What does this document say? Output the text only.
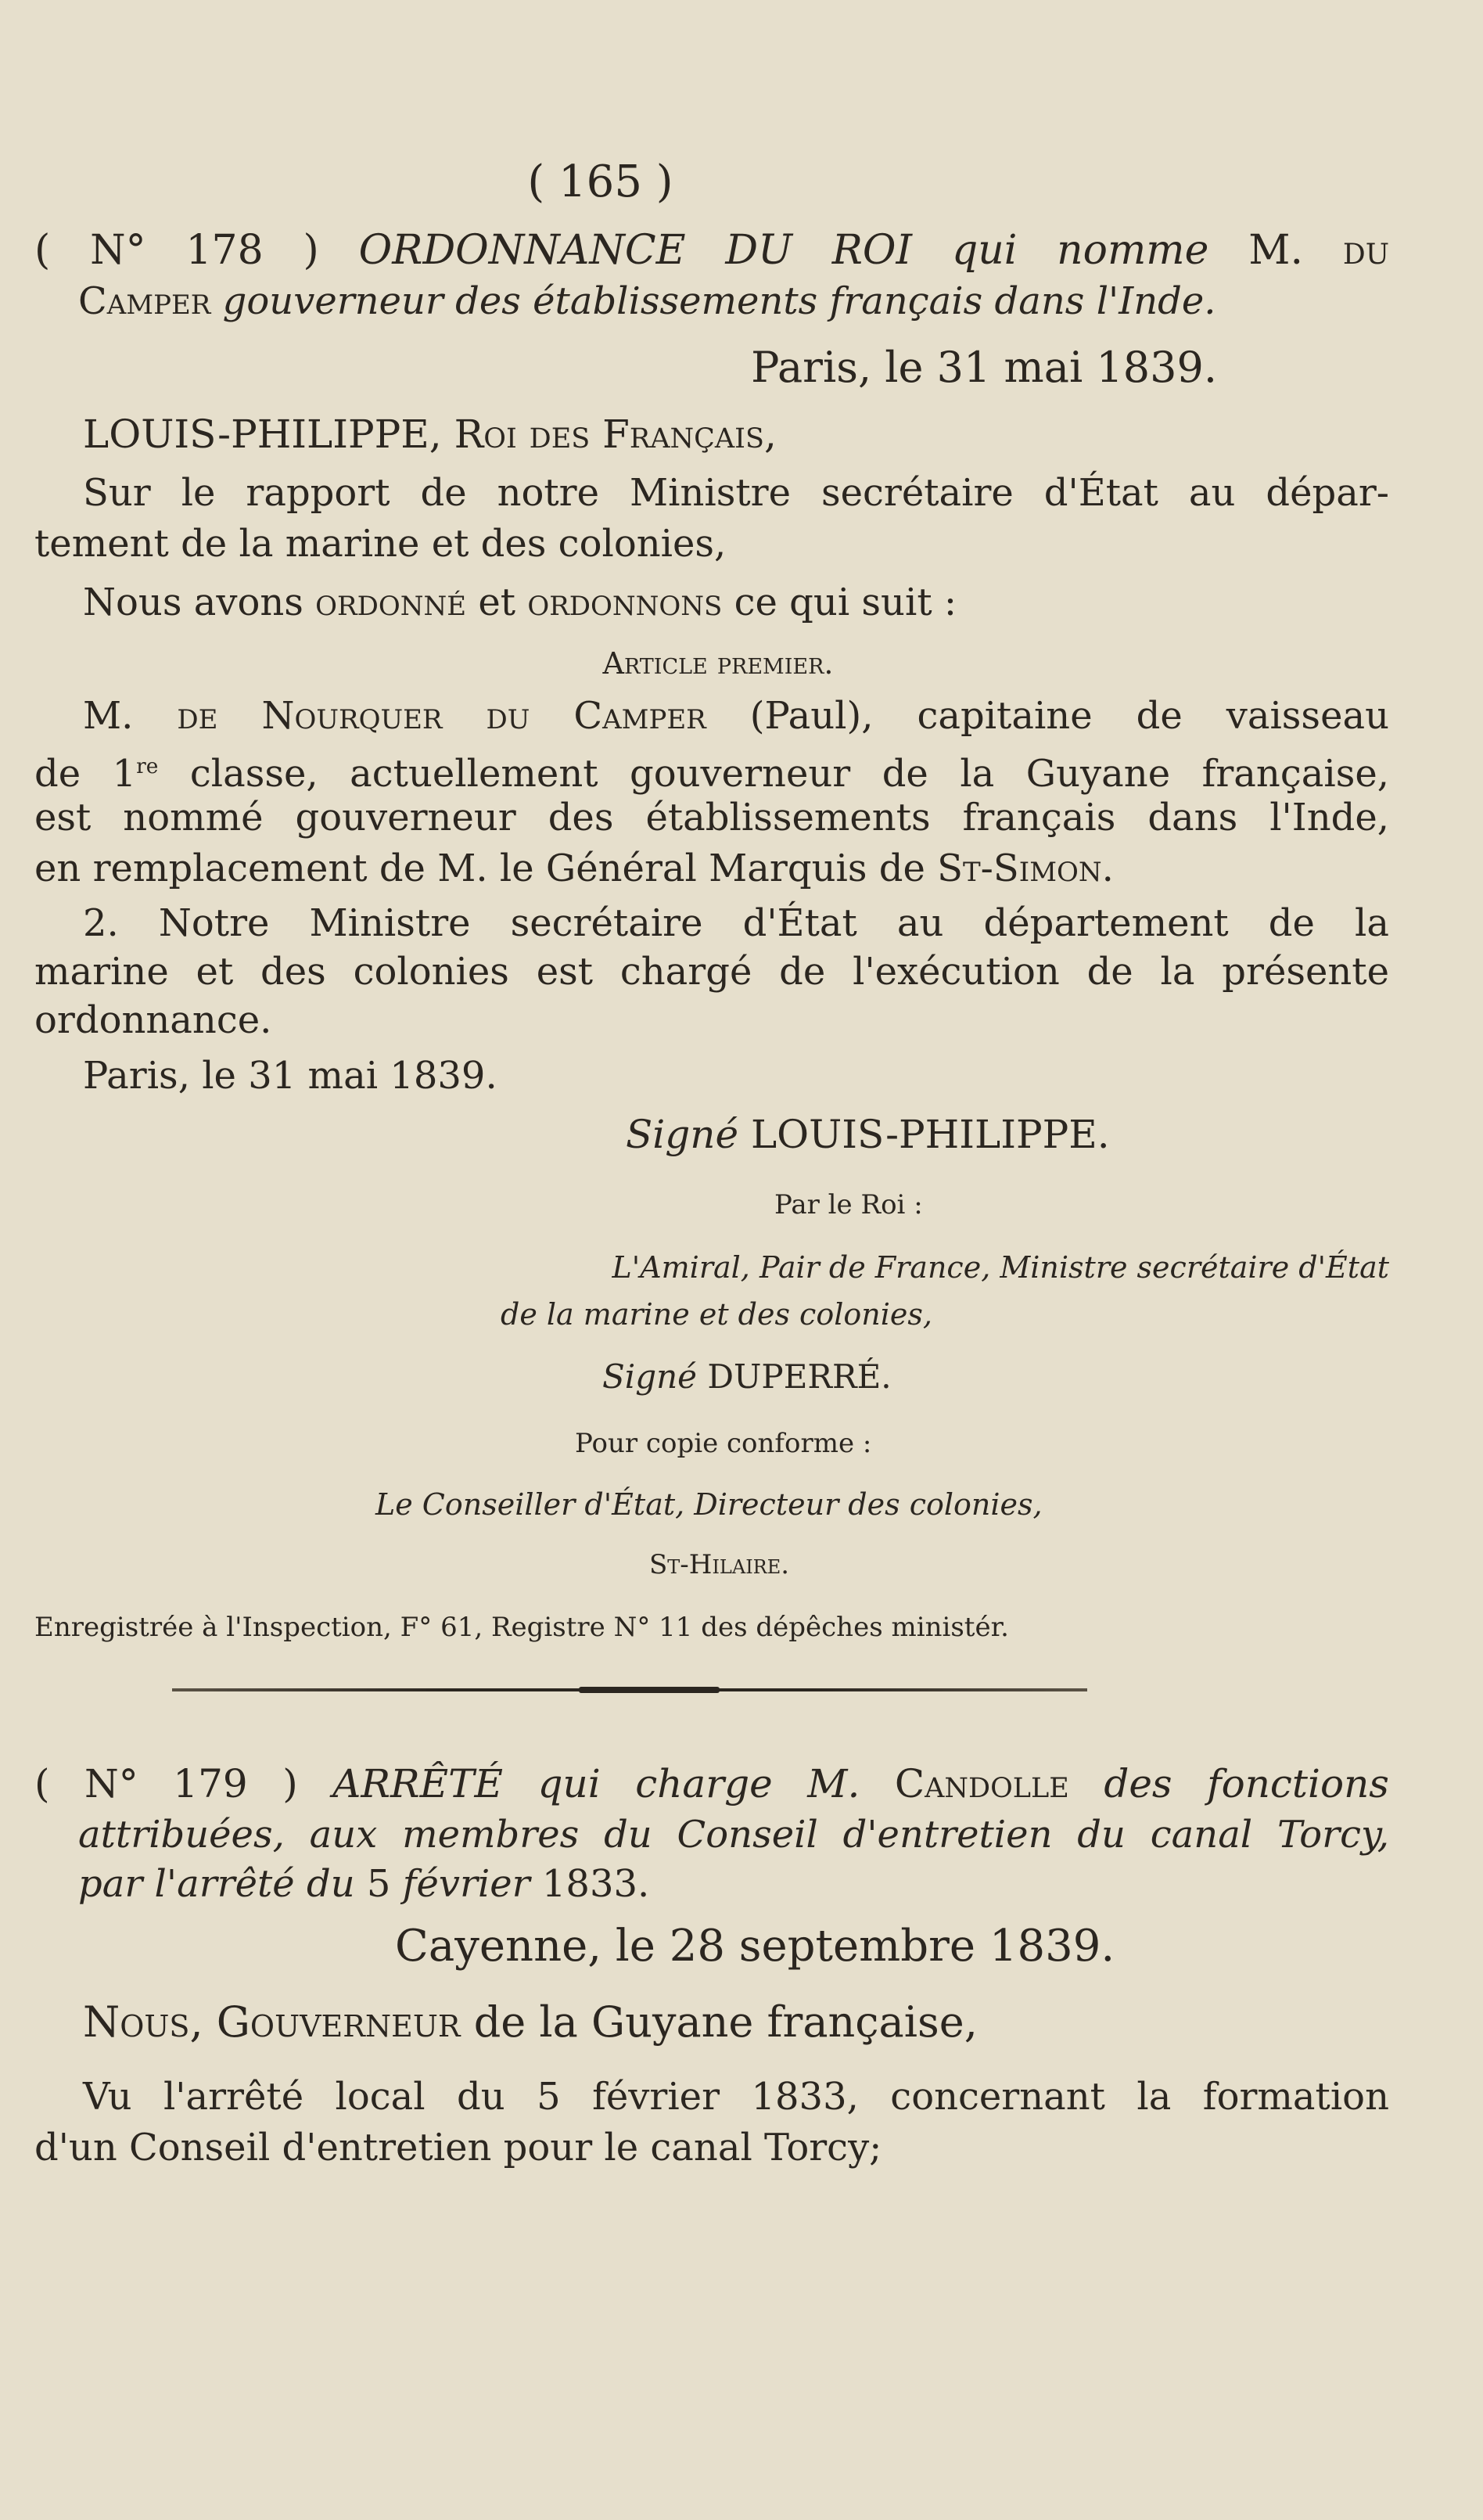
( 165 )
( N° 178 ) ORDONNANCE DU ROI qui nomme M. du
Camper gouverneur des établissements français dans l'Inde.
Paris, le 31 mai 1839.
LOUIS-PHILIPPE, Roi des Français,
Sur le rapport de notre Ministre secrétaire d'État au dépar-
tement de la marine et des colonies,
Nous avons ordonné et ordonnons ce qui suit :
Article premier.
M. de Nourquer du Camper (Paul), capitaine de vaisseau
de 1re classe, actuellement gouverneur de la Guyane française,
est nommé gouverneur des établissements français dans l'Inde,
en remplacement de M. le Général Marquis de St-Simon.
2. Notre Ministre secrétaire d'État au département de la
marine et des colonies est chargé de l'exécution de la présente
ordonnance.
Paris, le 31 mai 1839.
Signé LOUIS-PHILIPPE.
Par le Roi :
L'Amiral, Pair de France, Ministre secrétaire d'État
de la marine et des colonies,
Signé DUPERRÉ.
Pour copie conforme :
Le Conseiller d'État, Directeur des colonies,
St-Hilaire.
Enregistrée à l'Inspection, F° 61, Registre N° 11 des dépêches ministér.
( N° 179 ) ARRÊTÉ qui charge M. Candolle des fonctions
attribuées, aux membres du Conseil d'entretien du canal Torcy,
par l'arrêté du 5 février 1833.
Cayenne, le 28 septembre 1839.
Nous, Gouverneur de la Guyane française,
Vu l'arrêté local du 5 février 1833, concernant la formation
d'un Conseil d'entretien pour le canal Torcy;
